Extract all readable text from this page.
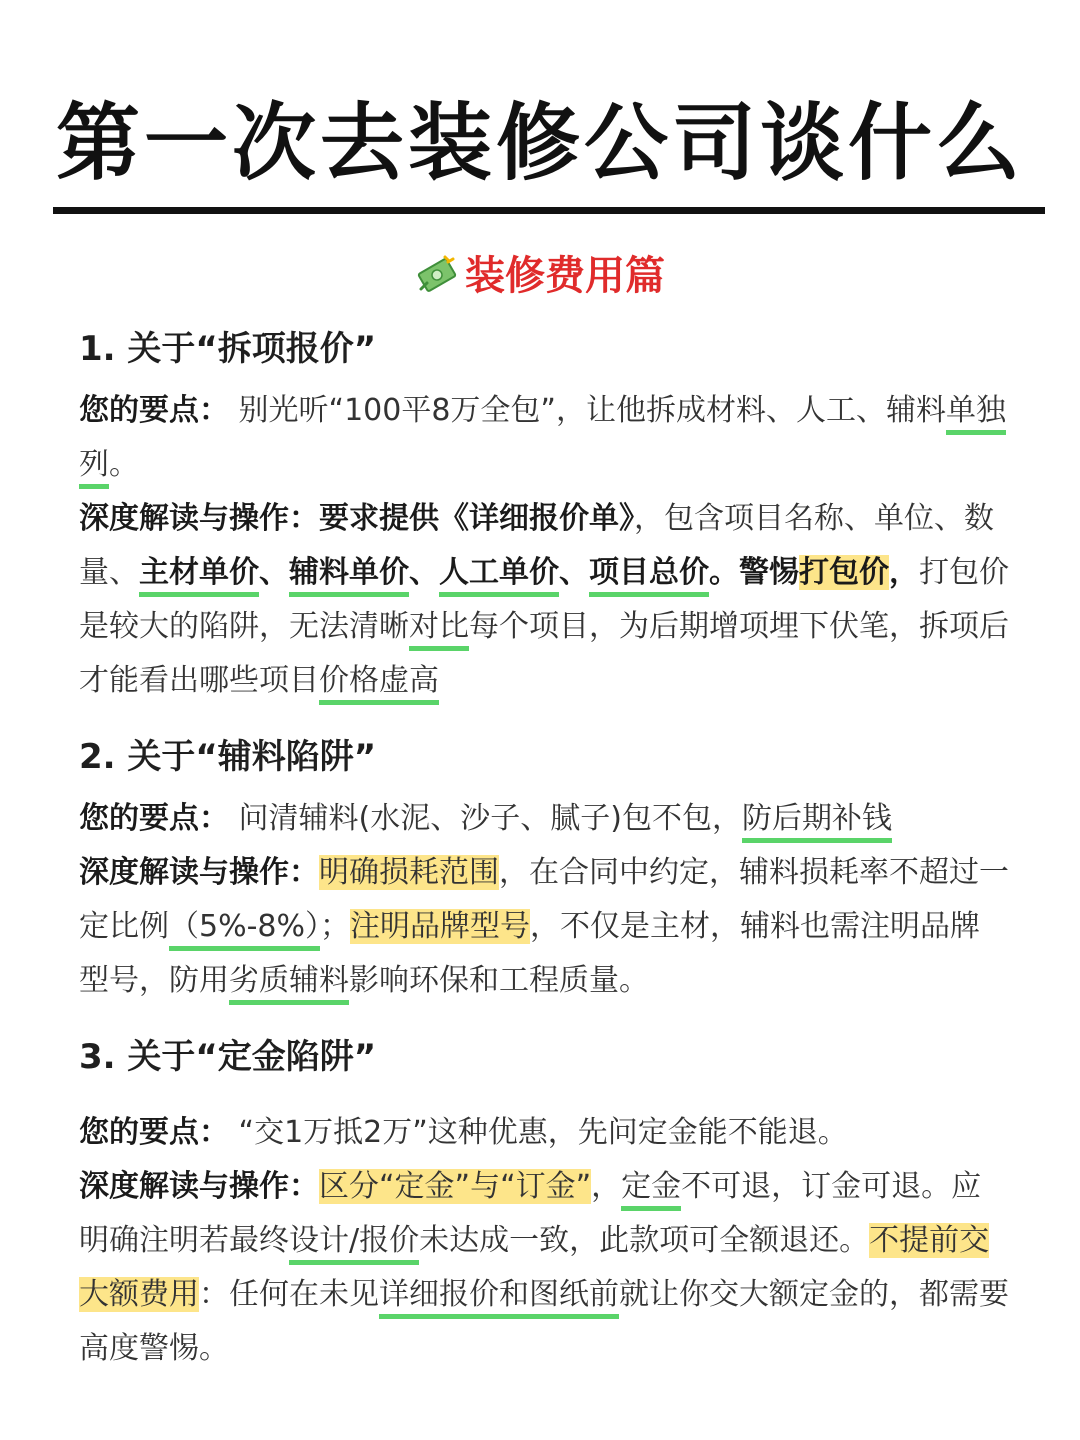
第一次去装修公司谈什么
装修费用篇
1. 关于“拆项报价”
您的要点： 别光听“100平8万全包”，让他拆成材料、人工、辅料单独列。
深度解读与操作：要求提供《详细报价单》，包含项目名称、单位、数量、主材单价、辅料单价、人工单价、项目总价。警惕打包价，打包价是较大的陷阱，无法清晰对比每个项目，为后期增项埋下伏笔，拆项后才能看出哪些项目价格虚高
2. 关于“辅料陷阱”
您的要点： 问清辅料(水泥、沙子、腻子)包不包，防后期补钱
深度解读与操作：明确损耗范围，在合同中约定，辅料损耗率不超过一定比例（5%-8%）；注明品牌型号，不仅是主材，辅料也需注明品牌型号，防用劣质辅料影响环保和工程质量。
3. 关于“定金陷阱”
您的要点： “交1万抵2万”这种优惠，先问定金能不能退。
深度解读与操作：区分“定金”与“订金”，定金不可退，订金可退。应明确注明若最终设计/报价未达成一致，此款项可全额退还。不提前交大额费用：任何在未见详细报价和图纸前就让你交大额定金的，都需要高度警惕。
